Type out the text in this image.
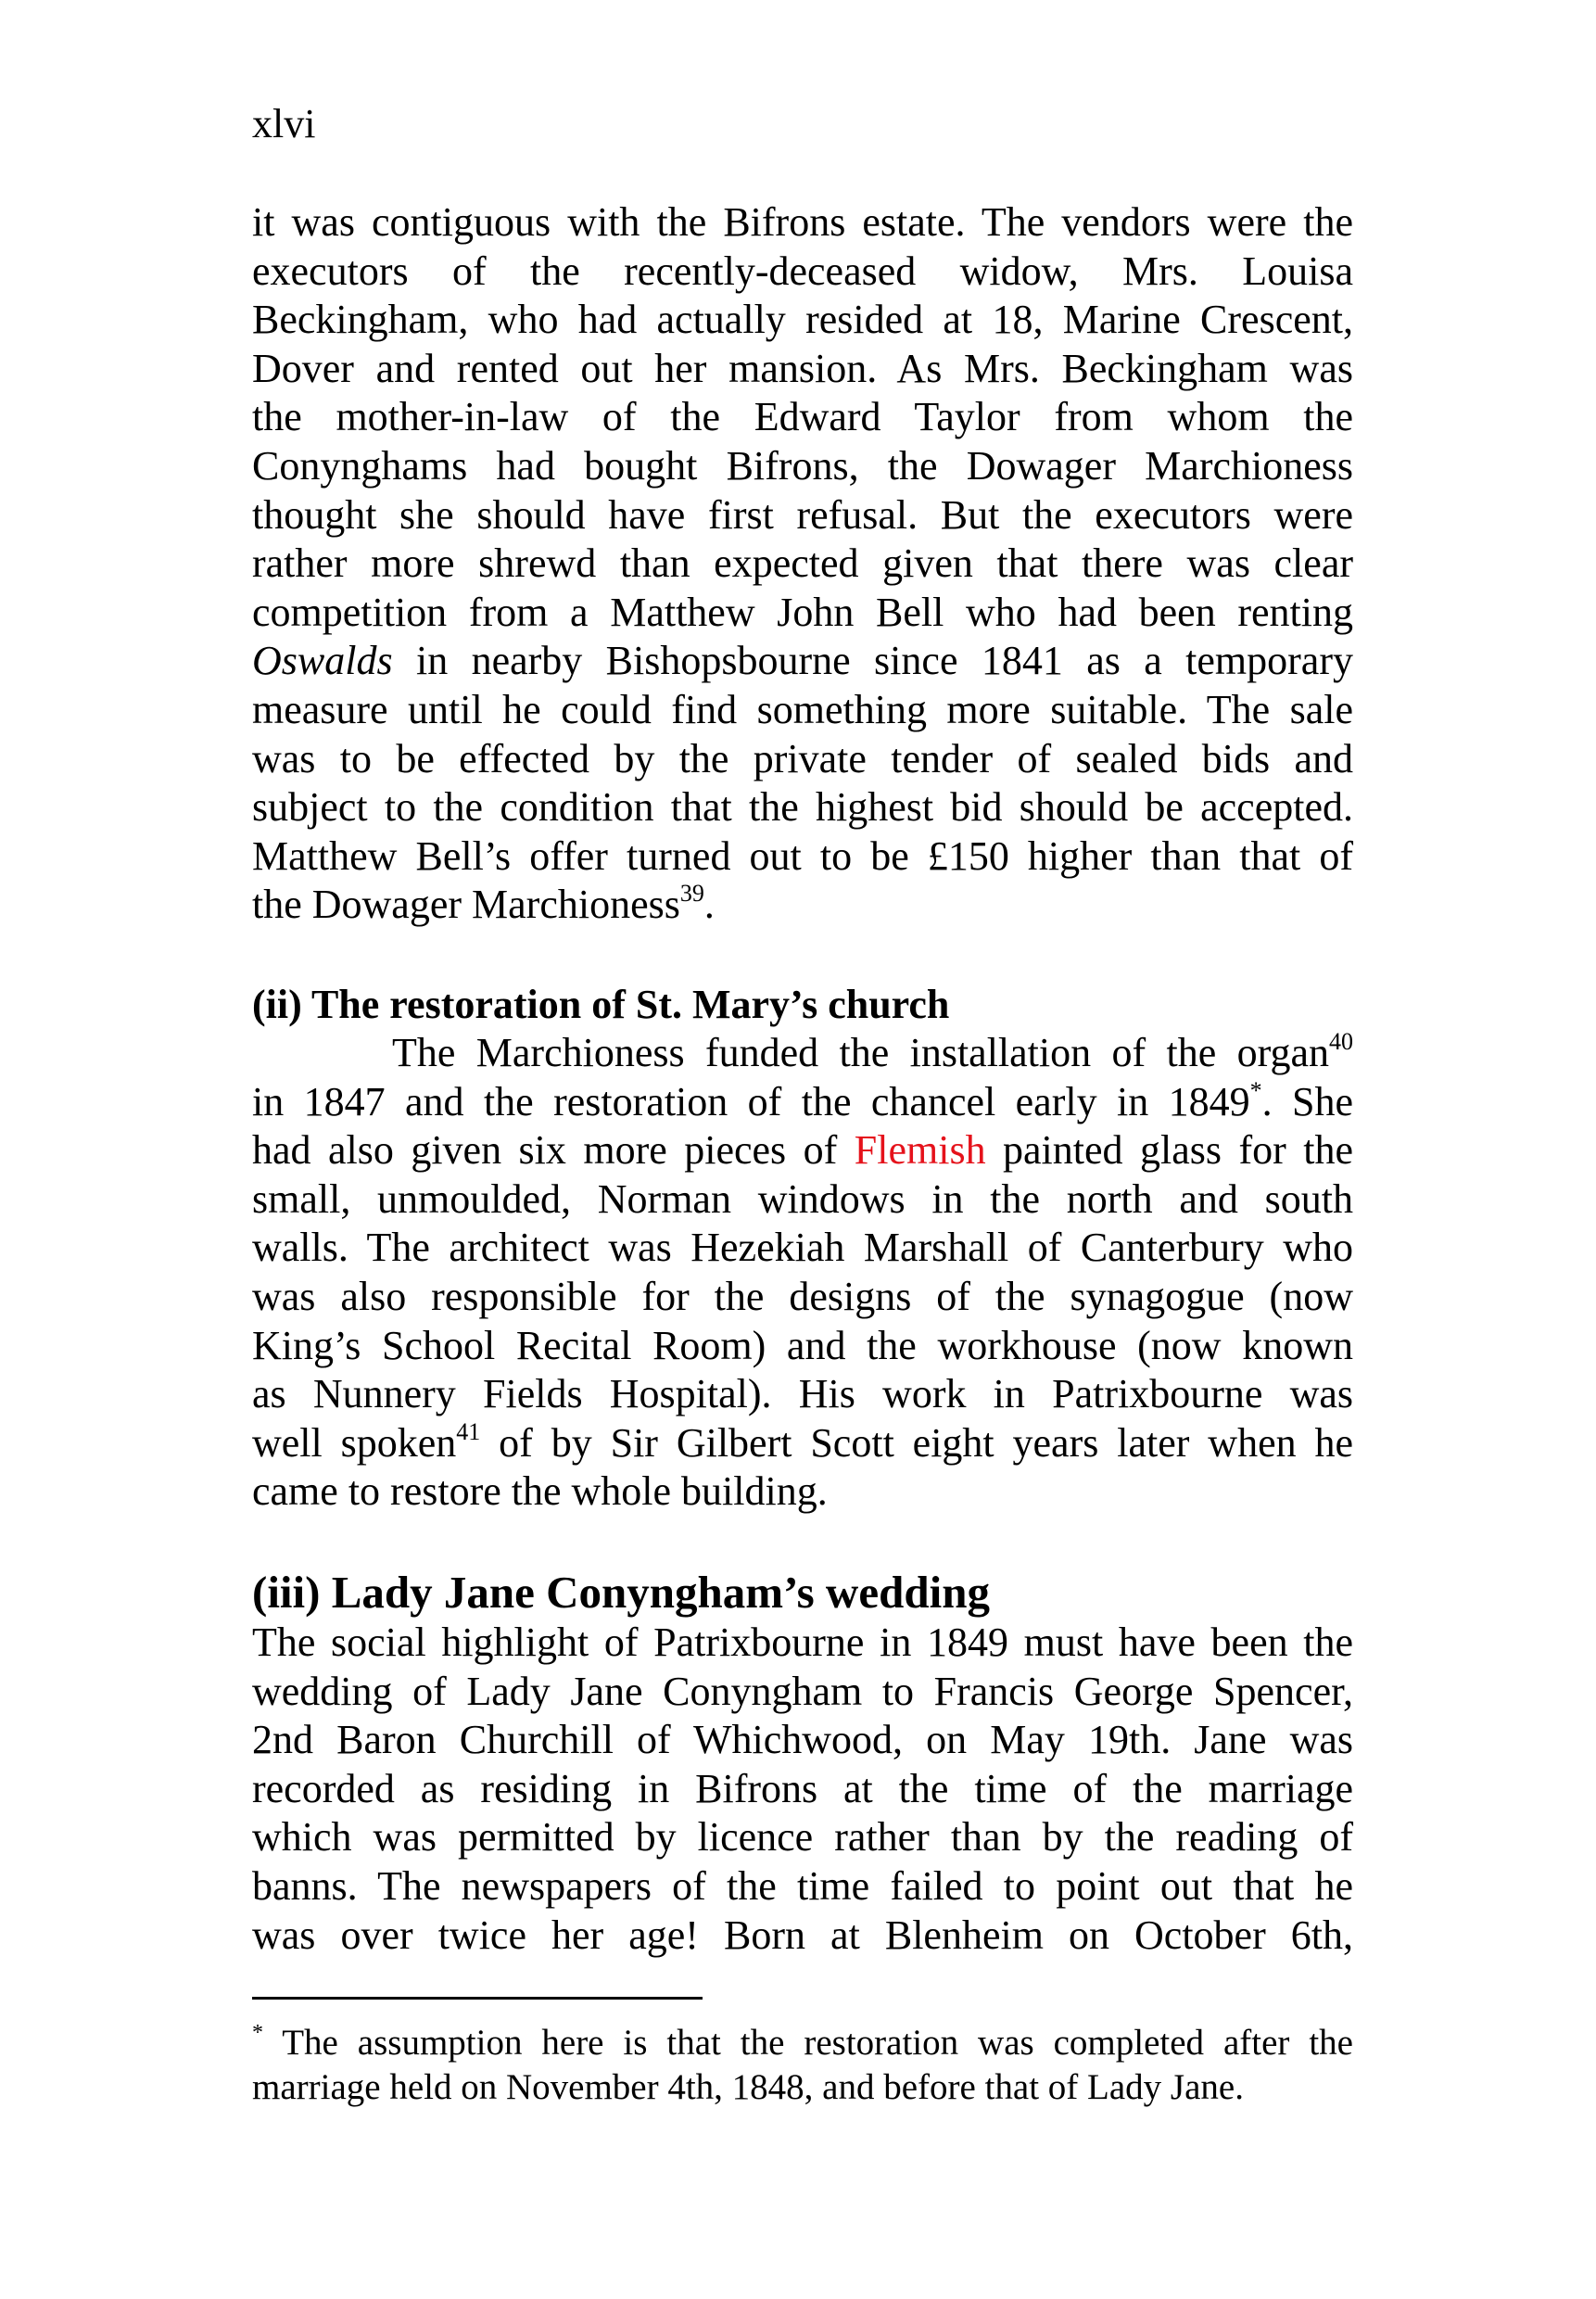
xlvi
it was contiguous with the Bifrons estate. The vendors were the
executors of the recently-deceased widow, Mrs. Louisa
Beckingham, who had actually resided at 18, Marine Crescent,
Dover and rented out her mansion. As Mrs. Beckingham was
the mother-in-law of the Edward Taylor from whom the
Conynghams had bought Bifrons, the Dowager Marchioness
thought she should have first refusal. But the executors were
rather more shrewd than expected given that there was clear
competition from a Matthew John Bell who had been renting
Oswalds in nearby Bishopsbourne since 1841 as a temporary
measure until he could find something more suitable. The sale
was to be effected by the private tender of sealed bids and
subject to the condition that the highest bid should be accepted.
Matthew Bell’s offer turned out to be £150 higher than that of
the Dowager Marchioness$^{39}$.
(ii) The restoration of St. Mary’s church
The Marchioness funded the installation of the organ$^{40}$
in 1847 and the restoration of the chancel early in 1849*. She
had also given six more pieces of Flemish painted glass for the
small, unmoulded, Norman windows in the north and south
walls. The architect was Hezekiah Marshall of Canterbury who
was also responsible for the designs of the synagogue (now
King’s School Recital Room) and the workhouse (now known
as Nunnery Fields Hospital). His work in Patrixbourne was
well spoken$^{41}$ of by Sir Gilbert Scott eight years later when he
came to restore the whole building.
(iii) Lady Jane Conyngham’s wedding
The social highlight of Patrixbourne in 1849 must have been the
wedding of Lady Jane Conyngham to Francis George Spencer,
2nd Baron Churchill of Whichwood, on May 19th. Jane was
recorded as residing in Bifrons at the time of the marriage
which was permitted by licence rather than by the reading of
banns. The newspapers of the time failed to point out that he
was over twice her age! Born at Blenheim on October 6th,
* The assumption here is that the restoration was completed after the
marriage held on November 4th, 1848, and before that of Lady Jane.
